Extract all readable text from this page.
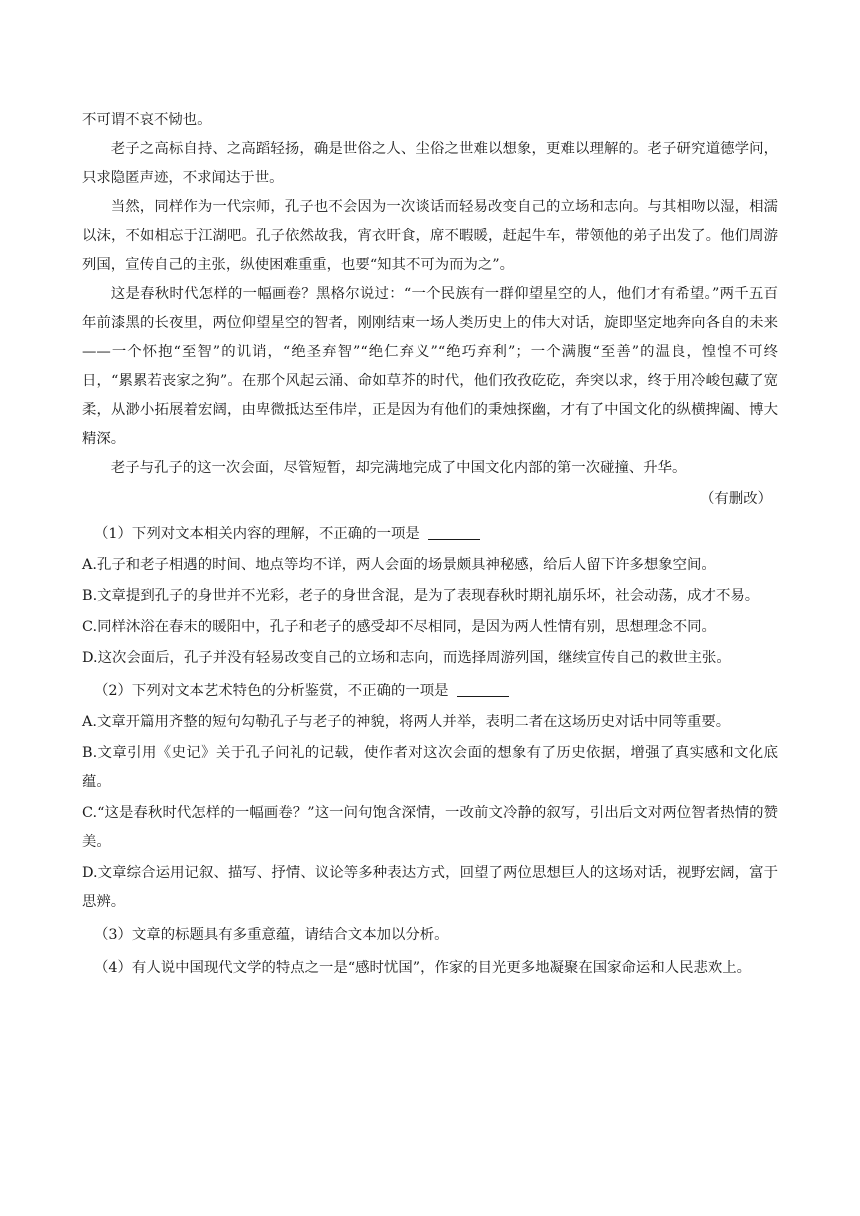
不可谓不哀不恸也。

老子之高标自持、之高蹈轻扬，确是世俗之人、尘俗之世难以想象，更难以理解的。老子研究道德学问，只求隐匿声迹，不求闻达于世。

当然，同样作为一代宗师，孔子也不会因为一次谈话而轻易改变自己的立场和志向。与其相吻以湿，相濡以沫，不如相忘于江湖吧。孔子依然故我，宵衣旰食，席不暇暖，赶起牛车，带领他的弟子出发了。他们周游列国，宣传自己的主张，纵使困难重重，也要“知其不可为而为之”。

这是春秋时代怎样的一幅画卷？黑格尔说过：“一个民族有一群仰望星空的人，他们才有希望。”两千五百年前漆黑的长夜里，两位仰望星空的智者，刚刚结束一场人类历史上的伟大对话，旋即坚定地奔向各自的未来——一个怀抱“至智”的讥诮，“绝圣弃智”“绝仁弃义”“绝巧弃利”；一个满腹“至善”的温良，惶惶不可终日，“累累若丧家之狗”。在那个风起云涌、命如草芥的时代，他们孜孜矻矻，奔突以求，终于用冷峻包藏了宽柔，从渺小拓展着宏阔，由卑微抵达至伟岸，正是因为有他们的秉烛探幽，才有了中国文化的纵横捭阖、博大精深。

老子与孔子的这一次会面，尽管短暂，却完满地完成了中国文化内部的第一次碰撞、升华。

（有删改）

（1）下列对文本相关内容的理解，不正确的一项是

A.孔子和老子相遇的时间、地点等均不详，两人会面的场景颇具神秘感，给后人留下许多想象空间。

B.文章提到孔子的身世并不光彩，老子的身世含混，是为了表现春秋时期礼崩乐坏，社会动荡，成才不易。

C.同样沐浴在春末的暖阳中，孔子和老子的感受却不尽相同，是因为两人性情有别，思想理念不同。

D.这次会面后，孔子并没有轻易改变自己的立场和志向，而选择周游列国，继续宣传自己的救世主张。

（2）下列对文本艺术特色的分析鉴赏，不正确的一项是

A.文章开篇用齐整的短句勾勒孔子与老子的神貌，将两人并举，表明二者在这场历史对话中同等重要。

B.文章引用《史记》关于孔子问礼的记载，使作者对这次会面的想象有了历史依据，增强了真实感和文化底蕴。

C.“这是春秋时代怎样的一幅画卷？”这一问句饱含深情，一改前文冷静的叙写，引出后文对两位智者热情的赞美。

D.文章综合运用记叙、描写、抒情、议论等多种表达方式，回望了两位思想巨人的这场对话，视野宏阔，富于思辨。

（3）文章的标题具有多重意蕴，请结合文本加以分析。

（4）有人说中国现代文学的特点之一是“感时忧国”，作家的目光更多地凝聚在国家命运和人民悲欢上。
